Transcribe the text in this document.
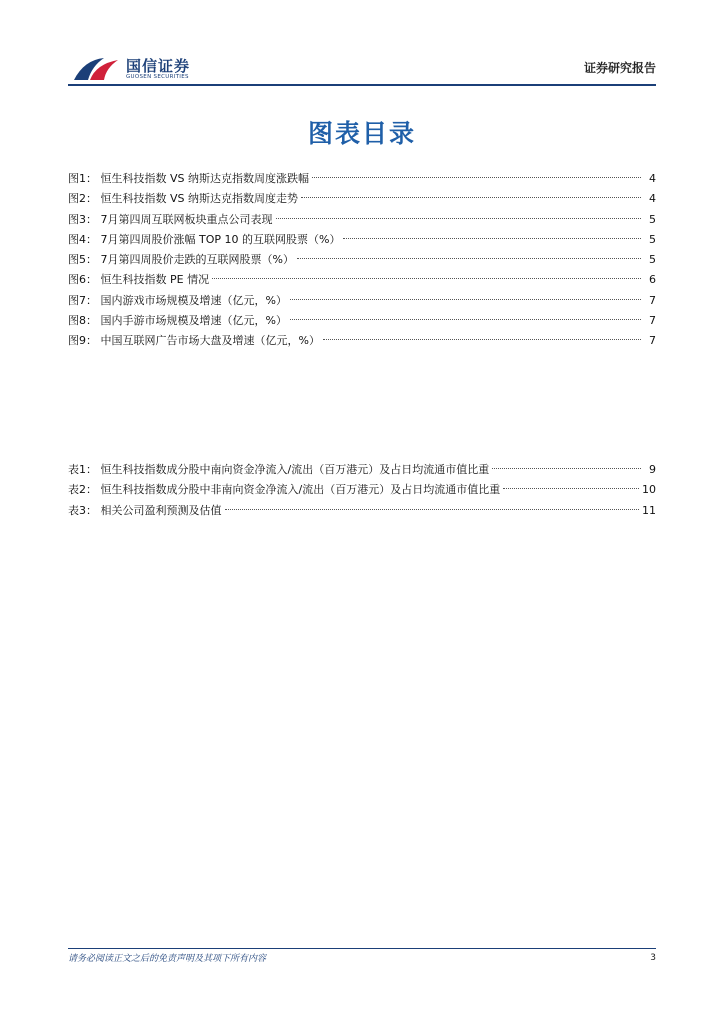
国信证券
GUOSEN SECURITIES
证券研究报告
图表目录
图1： 恒生科技指数 VS 纳斯达克指数周度涨跌幅	4
图2： 恒生科技指数 VS 纳斯达克指数周度走势	4
图3： 7月第四周互联网板块重点公司表现	5
图4： 7月第四周股价涨幅 TOP 10 的互联网股票（%）	5
图5： 7月第四周股价走跌的互联网股票（%）	5
图6： 恒生科技指数 PE 情况	6
图7： 国内游戏市场规模及增速（亿元，%）	7
图8： 国内手游市场规模及增速（亿元，%）	7
图9： 中国互联网广告市场大盘及增速（亿元，%）	7
表1： 恒生科技指数成分股中南向资金净流入/流出（百万港元）及占日均流通市值比重	9
表2： 恒生科技指数成分股中非南向资金净流入/流出（百万港元）及占日均流通市值比重	10
表3： 相关公司盈利预测及估值	11
请务必阅读正文之后的免责声明及其项下所有内容	3
